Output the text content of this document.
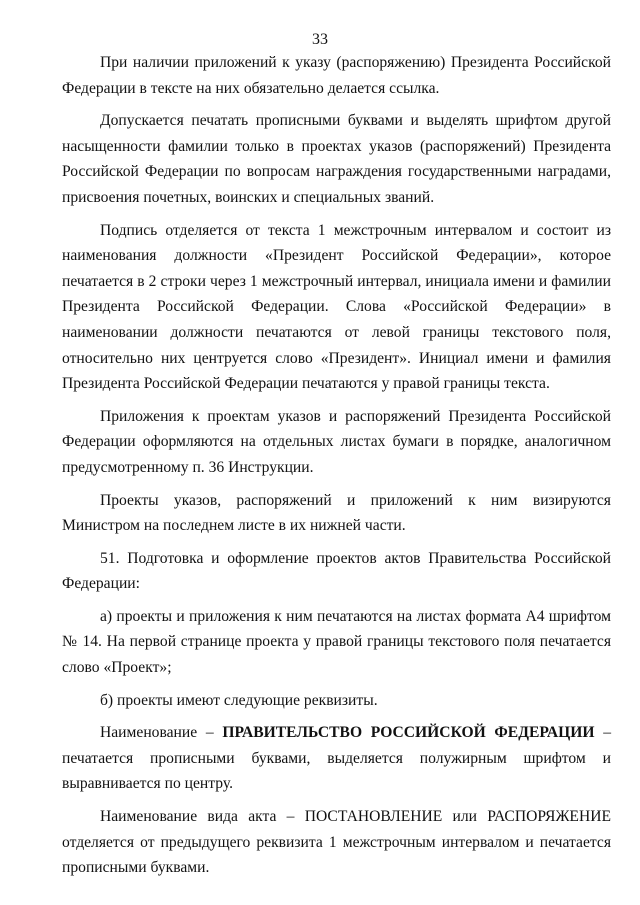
33

При наличии приложений к указу (распоряжению) Президента Российской Федерации в тексте на них обязательно делается ссылка.

Допускается печатать прописными буквами и выделять шрифтом другой насыщенности фамилии только в проектах указов (распоряжений) Президента Российской Федерации по вопросам награждения государственными наградами, присвоения почетных, воинских и специальных званий.

Подпись отделяется от текста 1 межстрочным интервалом и состоит из наименования должности «Президент Российской Федерации», которое печатается в 2 строки через 1 межстрочный интервал, инициала имени и фамилии Президента Российской Федерации. Слова «Российской Федерации» в наименовании должности печатаются от левой границы текстового поля, относительно них центруется слово «Президент». Инициал имени и фамилия Президента Российской Федерации печатаются у правой границы текста.

Приложения к проектам указов и распоряжений Президента Российской Федерации оформляются на отдельных листах бумаги в порядке, аналогичном предусмотренному п. 36 Инструкции.

Проекты указов, распоряжений и приложений к ним визируются Министром на последнем листе в их нижней части.

51. Подготовка и оформление проектов актов Правительства Российской Федерации:

а) проекты и приложения к ним печатаются на листах формата А4 шрифтом № 14. На первой странице проекта у правой границы текстового поля печатается слово «Проект»;

б) проекты имеют следующие реквизиты.

Наименование – ПРАВИТЕЛЬСТВО РОССИЙСКОЙ ФЕДЕРАЦИИ – печатается прописными буквами, выделяется полужирным шрифтом и выравнивается по центру.

Наименование вида акта – ПОСТАНОВЛЕНИЕ или РАСПОРЯЖЕНИЕ отделяется от предыдущего реквизита 1 межстрочным интервалом и печатается прописными буквами.
